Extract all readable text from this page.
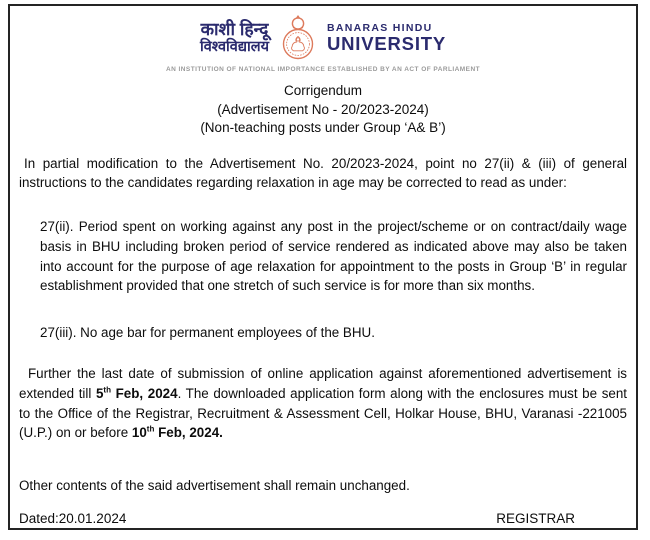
काशी हिन्दू
विश्वविद्यालय
BANARAS HINDU
UNIVERSITY
AN INSTITUTION OF NATIONAL IMPORTANCE ESTABLISHED BY AN ACT OF PARLIAMENT
Corrigendum
(Advertisement No - 20/2023-2024)
(Non-teaching posts under Group ‘A& B’)

In partial modification to the Advertisement No. 20/2023-2024, point no 27(ii) & (iii) of general instructions to the candidates regarding relaxation in age may be corrected to read as under:

27(ii). Period spent on working against any post in the project/scheme or on contract/daily wage basis in BHU including broken period of service rendered as indicated above may also be taken into account for the purpose of age relaxation for appointment to the posts in Group ‘B’ in regular establishment provided that one stretch of such service is for more than six months.

27(iii). No age bar for permanent employees of the BHU.

Further the last date of submission of online application against aforementioned advertisement is extended till 5th Feb, 2024. The downloaded application form along with the enclosures must be sent to the Office of the Registrar, Recruitment & Assessment Cell, Holkar House, BHU, Varanasi -221005 (U.P.) on or before 10th Feb, 2024.

Other contents of the said advertisement shall remain unchanged.

Dated:20.01.2024	REGISTRAR
